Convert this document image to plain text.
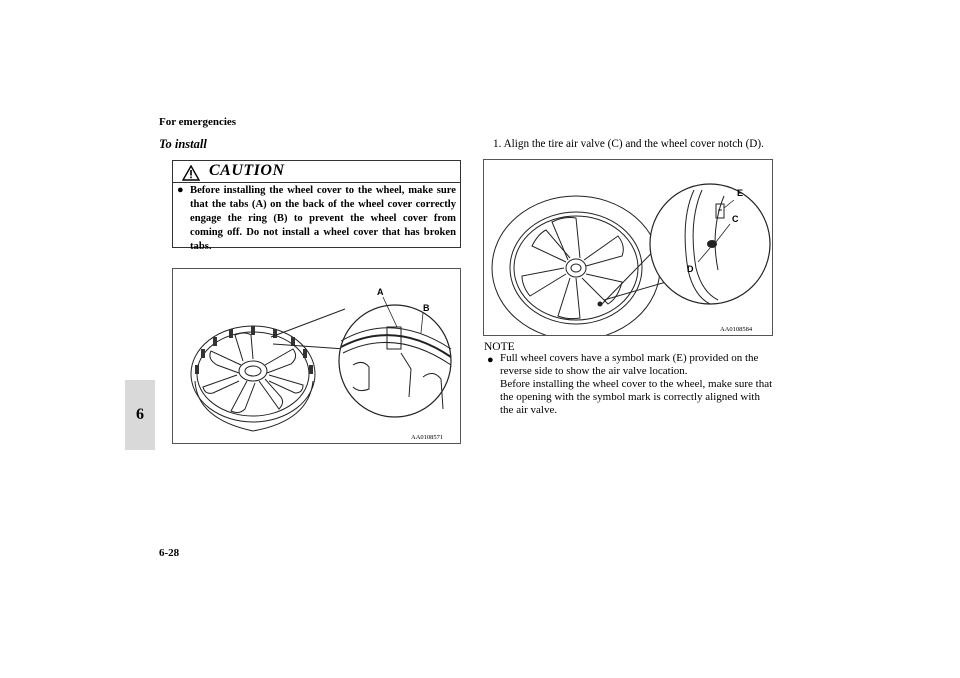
For emergencies
6
To install
CAUTION
● Before installing the wheel cover to the wheel, make sure that the tabs (A) on the back of the wheel cover correctly engage the ring (B) to prevent the wheel cover from coming off. Do not install a wheel cover that has broken tabs.
A
B
AA0108571
1. Align the tire air valve (C) and the wheel cover notch (D).
E
C
D
AA0108584
NOTE
● Full wheel covers have a symbol mark (E) provided on the reverse side to show the air valve location.
Before installing the wheel cover to the wheel, make sure that the opening with the symbol mark is correctly aligned with the air valve.
6-28
